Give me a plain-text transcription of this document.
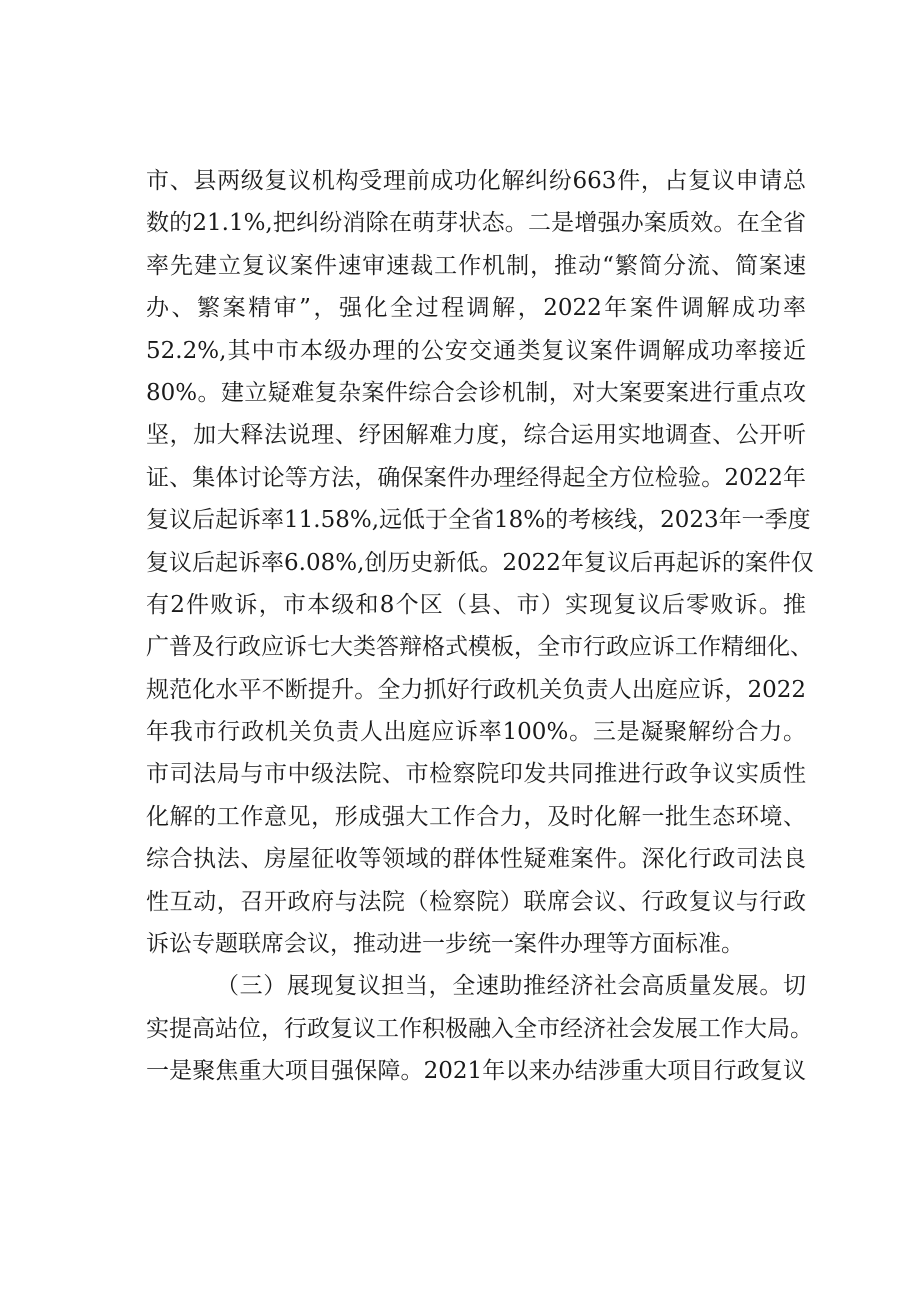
市、县两级复议机构受理前成功化解纠纷663件，占复议申请总
数的21.1%,把纠纷消除在萌芽状态。二是增强办案质效。在全省
率先建立复议案件速审速裁工作机制，推动“繁简分流、简案速
办、繁案精审”，强化全过程调解，2022年案件调解成功率
52.2%,其中市本级办理的公安交通类复议案件调解成功率接近
80%。建立疑难复杂案件综合会诊机制，对大案要案进行重点攻
坚，加大释法说理、纾困解难力度，综合运用实地调查、公开听
证、集体讨论等方法，确保案件办理经得起全方位检验。2022年
复议后起诉率11.58%,远低于全省18%的考核线，2023年一季度
复议后起诉率6.08%,创历史新低。2022年复议后再起诉的案件仅
有2件败诉，市本级和8个区（县、市）实现复议后零败诉。推
广普及行政应诉七大类答辩格式模板，全市行政应诉工作精细化、
规范化水平不断提升。全力抓好行政机关负责人出庭应诉，2022
年我市行政机关负责人出庭应诉率100%。三是凝聚解纷合力。
市司法局与市中级法院、市检察院印发共同推进行政争议实质性
化解的工作意见，形成强大工作合力，及时化解一批生态环境、
综合执法、房屋征收等领域的群体性疑难案件。深化行政司法良
性互动，召开政府与法院（检察院）联席会议、行政复议与行政
诉讼专题联席会议，推动进一步统一案件办理等方面标准。
（三）展现复议担当，全速助推经济社会高质量发展。切
实提高站位，行政复议工作积极融入全市经济社会发展工作大局。
一是聚焦重大项目强保障。2021年以来办结涉重大项目行政复议
